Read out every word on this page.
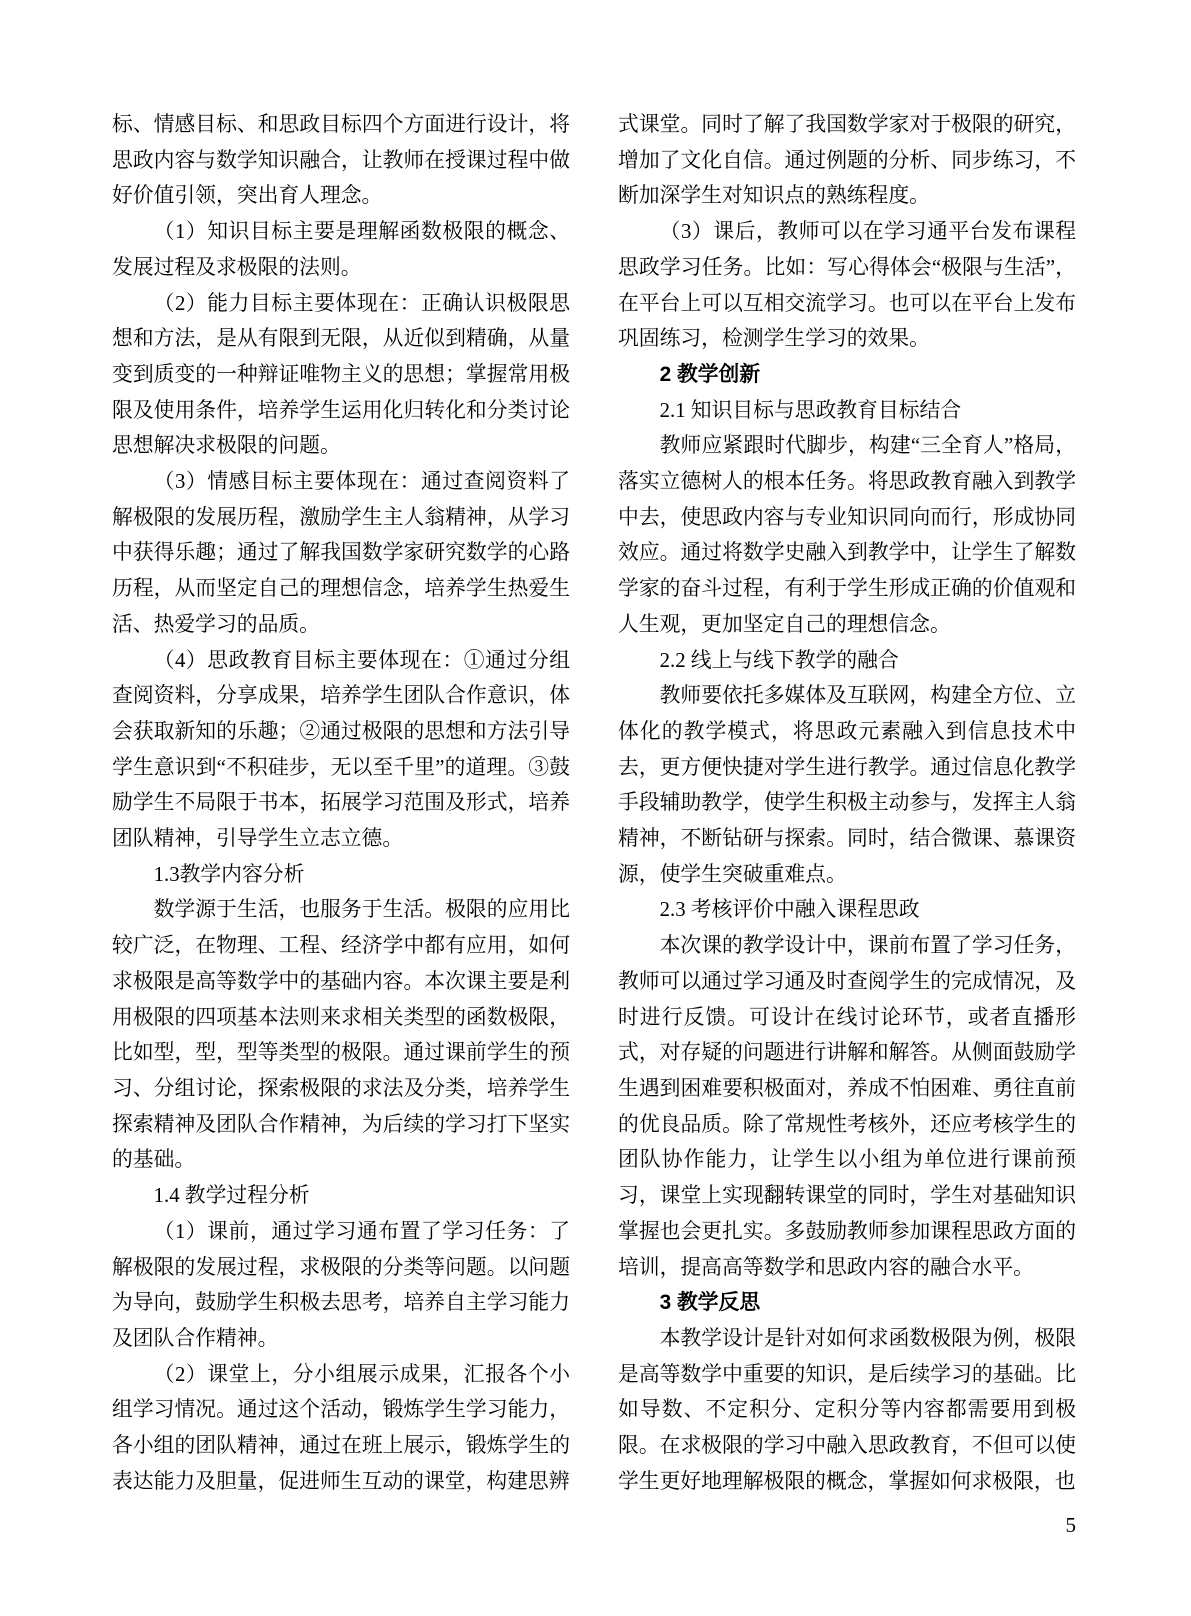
标、情感目标、和思政目标四个方面进行设计，将思政内容与数学知识融合，让教师在授课过程中做好价值引领，突出育人理念。
（1）知识目标主要是理解函数极限的概念、发展过程及求极限的法则。
（2）能力目标主要体现在：正确认识极限思想和方法，是从有限到无限，从近似到精确，从量变到质变的一种辩证唯物主义的思想；掌握常用极限及使用条件，培养学生运用化归转化和分类讨论思想解决求极限的问题。
（3）情感目标主要体现在：通过查阅资料了解极限的发展历程，激励学生主人翁精神，从学习中获得乐趣；通过了解我国数学家研究数学的心路历程，从而坚定自己的理想信念，培养学生热爱生活、热爱学习的品质。
（4）思政教育目标主要体现在：①通过分组查阅资料，分享成果，培养学生团队合作意识，体会获取新知的乐趣；②通过极限的思想和方法引导学生意识到“不积硅步，无以至千里”的道理。③鼓励学生不局限于书本，拓展学习范围及形式，培养团队精神，引导学生立志立德。
1.3教学内容分析
数学源于生活，也服务于生活。极限的应用比较广泛，在物理、工程、经济学中都有应用，如何求极限是高等数学中的基础内容。本次课主要是利用极限的四项基本法则来求相关类型的函数极限，比如型，型，型等类型的极限。通过课前学生的预习、分组讨论，探索极限的求法及分类，培养学生探索精神及团队合作精神，为后续的学习打下坚实的基础。
1.4 教学过程分析
（1）课前，通过学习通布置了学习任务：了解极限的发展过程，求极限的分类等问题。以问题为导向，鼓励学生积极去思考，培养自主学习能力及团队合作精神。
（2）课堂上，分小组展示成果，汇报各个小组学习情况。通过这个活动，锻炼学生学习能力，各小组的团队精神，通过在班上展示，锻炼学生的表达能力及胆量，促进师生互动的课堂，构建思辨
式课堂。同时了解了我国数学家对于极限的研究，增加了文化自信。通过例题的分析、同步练习，不断加深学生对知识点的熟练程度。
（3）课后，教师可以在学习通平台发布课程思政学习任务。比如：写心得体会“极限与生活”，在平台上可以互相交流学习。也可以在平台上发布巩固练习，检测学生学习的效果。
2 教学创新
2.1 知识目标与思政教育目标结合
教师应紧跟时代脚步，构建“三全育人”格局，落实立德树人的根本任务。将思政教育融入到教学中去，使思政内容与专业知识同向而行，形成协同效应。通过将数学史融入到教学中，让学生了解数学家的奋斗过程，有利于学生形成正确的价值观和人生观，更加坚定自己的理想信念。
2.2 线上与线下教学的融合
教师要依托多媒体及互联网，构建全方位、立体化的教学模式，将思政元素融入到信息技术中去，更方便快捷对学生进行教学。通过信息化教学手段辅助教学，使学生积极主动参与，发挥主人翁精神，不断钻研与探索。同时，结合微课、慕课资源，使学生突破重难点。
2.3 考核评价中融入课程思政
本次课的教学设计中，课前布置了学习任务，教师可以通过学习通及时查阅学生的完成情况，及时进行反馈。可设计在线讨论环节，或者直播形式，对存疑的问题进行讲解和解答。从侧面鼓励学生遇到困难要积极面对，养成不怕困难、勇往直前的优良品质。除了常规性考核外，还应考核学生的团队协作能力，让学生以小组为单位进行课前预习，课堂上实现翻转课堂的同时，学生对基础知识掌握也会更扎实。多鼓励教师参加课程思政方面的培训，提高高等数学和思政内容的融合水平。
3 教学反思
本教学设计是针对如何求函数极限为例，极限是高等数学中重要的知识，是后续学习的基础。比如导数、不定积分、定积分等内容都需要用到极限。在求极限的学习中融入思政教育，不但可以使学生更好地理解极限的概念，掌握如何求极限，也
5
